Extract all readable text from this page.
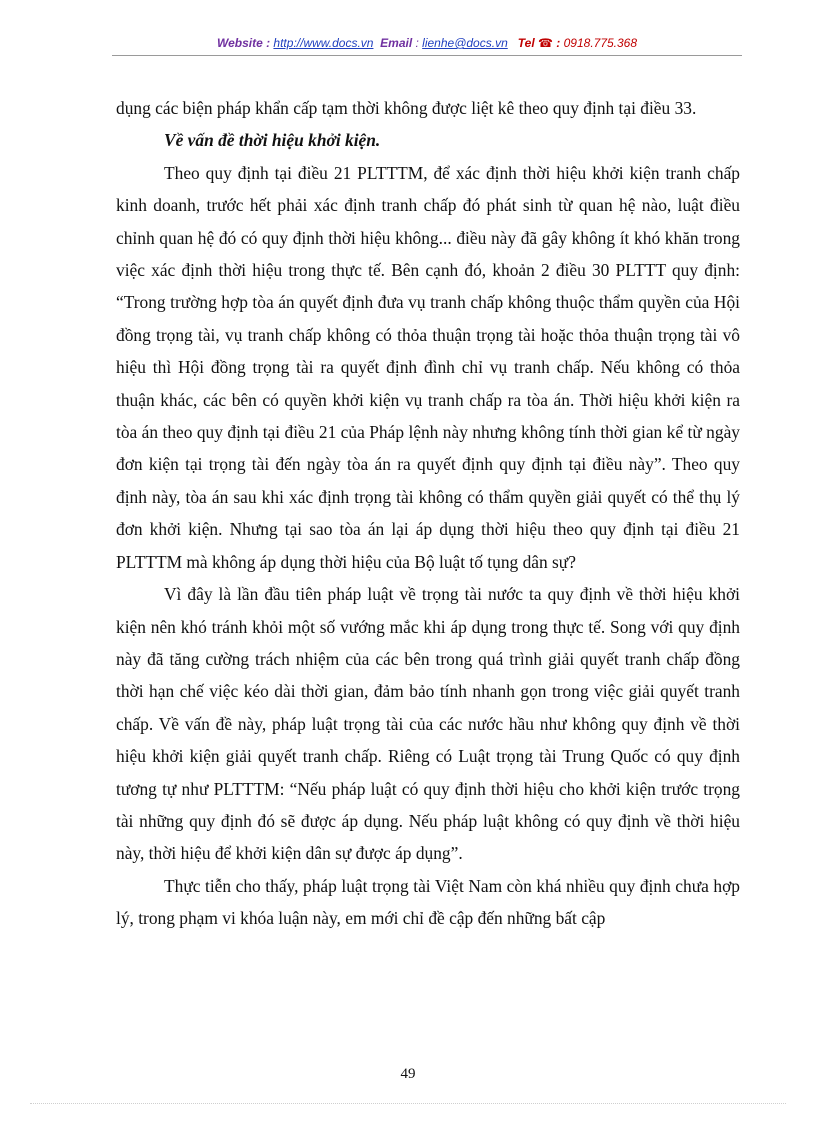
Website : http://www.docs.vn Email : lienhe@docs.vn Tel ☎ : 0918.775.368

dụng các biện pháp khẩn cấp tạm thời không được liệt kê theo quy định tại điều 33.

Về vấn đề thời hiệu khởi kiện.

Theo quy định tại điều 21 PLTTTM, để xác định thời hiệu khởi kiện tranh chấp kinh doanh, trước hết phải xác định tranh chấp đó phát sinh từ quan hệ nào, luật điều chỉnh quan hệ đó có quy định thời hiệu không... điều này đã gây không ít khó khăn trong việc xác định thời hiệu trong thực tế. Bên cạnh đó, khoản 2 điều 30 PLTTT quy định: “Trong trường hợp tòa án quyết định đưa vụ tranh chấp không thuộc thẩm quyền của Hội đồng trọng tài, vụ tranh chấp không có thỏa thuận trọng tài hoặc thỏa thuận trọng tài vô hiệu thì Hội đồng trọng tài ra quyết định đình chỉ vụ tranh chấp. Nếu không có thỏa thuận khác, các bên có quyền khởi kiện vụ tranh chấp ra tòa án. Thời hiệu khởi kiện ra tòa án theo quy định tại điều 21 của Pháp lệnh này nhưng không tính thời gian kể từ ngày đơn kiện tại trọng tài đến ngày tòa án ra quyết định quy định tại điều này”. Theo quy định này, tòa án sau khi xác định trọng tài không có thẩm quyền giải quyết có thể thụ lý đơn khởi kiện. Nhưng tại sao tòa án lại áp dụng thời hiệu theo quy định tại điều 21 PLTTTM mà không áp dụng thời hiệu của Bộ luật tố tụng dân sự?

Vì đây là lần đầu tiên pháp luật về trọng tài nước ta quy định về thời hiệu khởi kiện nên khó tránh khỏi một số vướng mắc khi áp dụng trong thực tế. Song với quy định này đã tăng cường trách nhiệm của các bên trong quá trình giải quyết tranh chấp đồng thời hạn chế việc kéo dài thời gian, đảm bảo tính nhanh gọn trong việc giải quyết tranh chấp. Về vấn đề này, pháp luật trọng tài của các nước hầu như không quy định về thời hiệu khởi kiện giải quyết tranh chấp. Riêng có Luật trọng tài Trung Quốc có quy định tương tự như PLTTTM: “Nếu pháp luật có quy định thời hiệu cho khởi kiện trước trọng tài những quy định đó sẽ được áp dụng. Nếu pháp luật không có quy định về thời hiệu này, thời hiệu để khởi kiện dân sự được áp dụng”.

Thực tiễn cho thấy, pháp luật trọng tài Việt Nam còn khá nhiều quy định chưa hợp lý, trong phạm vi khóa luận này, em mới chỉ đề cập đến những bất cập

49
